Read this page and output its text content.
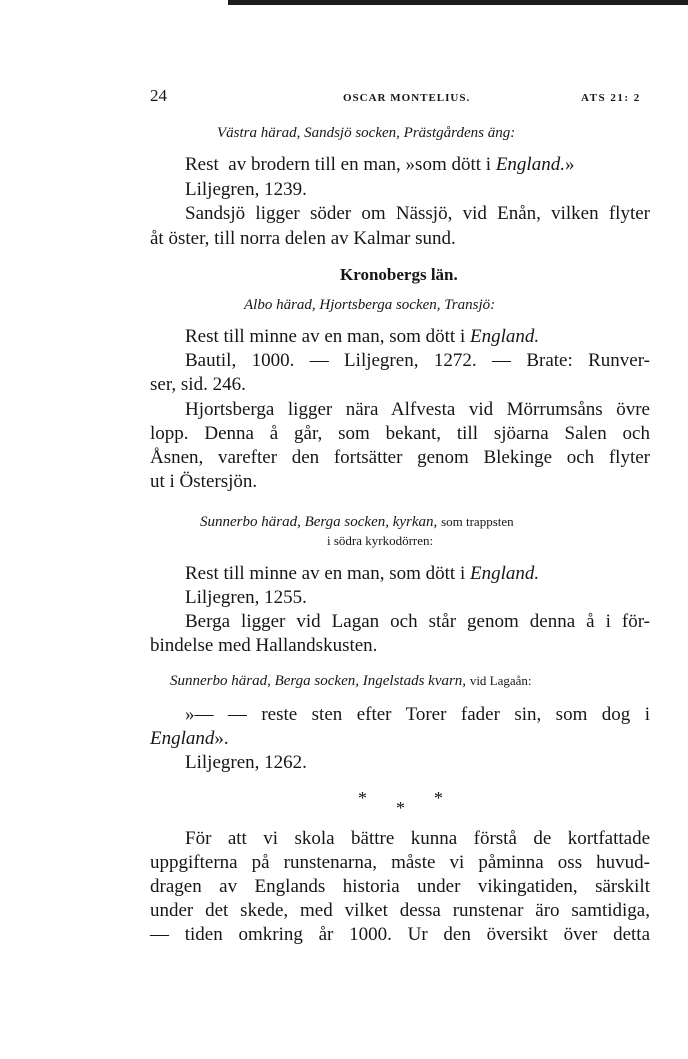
24	OSCAR MONTELIUS.	ATS 21: 2
Västra härad, Sandsjö socken, Prästgårdens äng:
Rest  av brodern till en man, »som dött i England.»
Liljegren, 1239.
Sandsjö ligger söder om Nässjö, vid Enån, vilken flyter
åt öster, till norra delen av Kalmar sund.
Kronobergs län.
Albo härad, Hjortsberga socken, Transjö:
Rest till minne av en man, som dött i England.
Bautil, 1000. — Liljegren, 1272. — Brate: Runver-
ser, sid. 246.
Hjortsberga ligger nära Alfvesta vid Mörrumsåns övre
lopp. Denna å går, som bekant, till sjöarna Salen och
Åsnen, varefter den fortsätter genom Blekinge och flyter
ut i Östersjön.
Sunnerbo härad, Berga socken, kyrkan, som trappsten
i södra kyrkodörren:
Rest till minne av en man, som dött i England.
Liljegren, 1255.
Berga ligger vid Lagan och står genom denna å i för-
bindelse med Hallandskusten.
Sunnerbo härad, Berga socken, Ingelstads kvarn, vid Lagaån:
»— — reste sten efter Torer fader sin, som dog i
England».
Liljegren, 1262.
* * *
För att vi skola bättre kunna förstå de kortfattade
uppgifterna på runstenarna, måste vi påminna oss huvud-
dragen av Englands historia under vikingatiden, särskilt
under det skede, med vilket dessa runstenar äro samtidiga,
— tiden omkring år 1000. Ur den översikt över detta
